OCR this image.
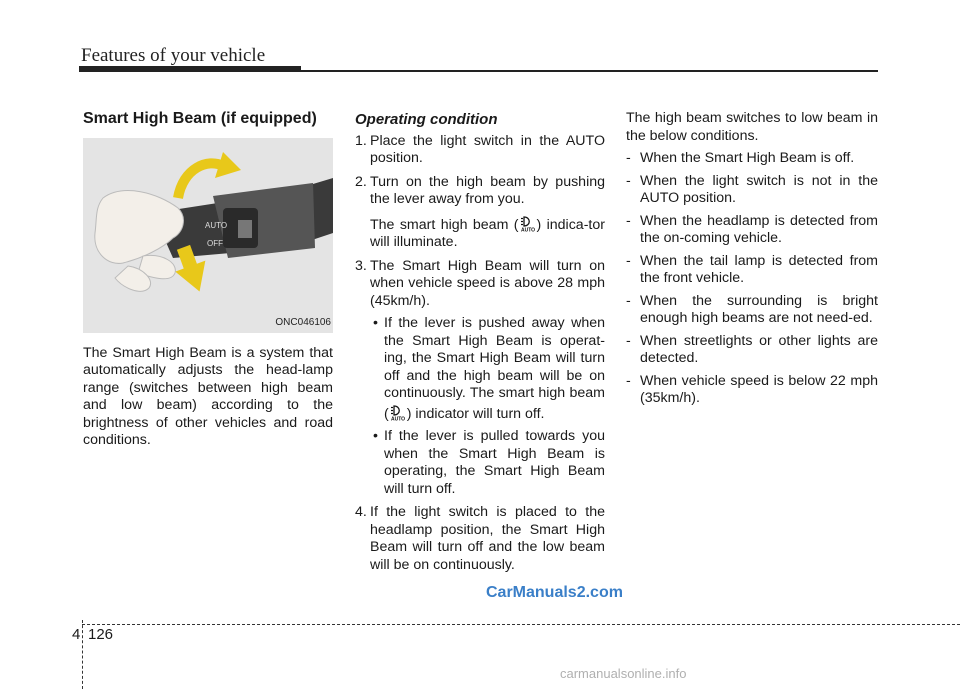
Features of your vehicle
Smart High Beam (if equipped)
AUTO
OFF
ONC046106

The Smart High Beam is a system that automatically adjusts the head-lamp range (switches between high beam and low beam) according to the brightness of other vehicles and road conditions.

Operating condition
1. Place the light switch in the AUTO position.

2. Turn on the high beam by pushing the lever away from you.

The smart high beam ( AUTO ) indica-tor will illuminate.

3. The Smart High Beam will turn on when vehicle speed is above 28 mph (45km/h).

• If the lever is pushed away when the Smart High Beam is operat-ing, the Smart High Beam will turn off and the high beam will be on continuously. The smart high beam ( AUTO ) indicator will turn off.

• If the lever is pulled towards you when the Smart High Beam is operating, the Smart High Beam will turn off.

4. If the light switch is placed to the headlamp position, the Smart High Beam will turn off and the low beam will be on continuously.

The high beam switches to low beam in the below conditions.

- When the Smart High Beam is off.

- When the light switch is not in the AUTO position.

- When the headlamp is detected from the on-coming vehicle.

- When the tail lamp is detected from the front vehicle.

- When the surrounding is bright enough high beams are not need-ed.

- When streetlights or other lights are detected.

- When vehicle speed is below 22 mph (35km/h).

CarManuals2.com
4 126
carmanualsonline.info
